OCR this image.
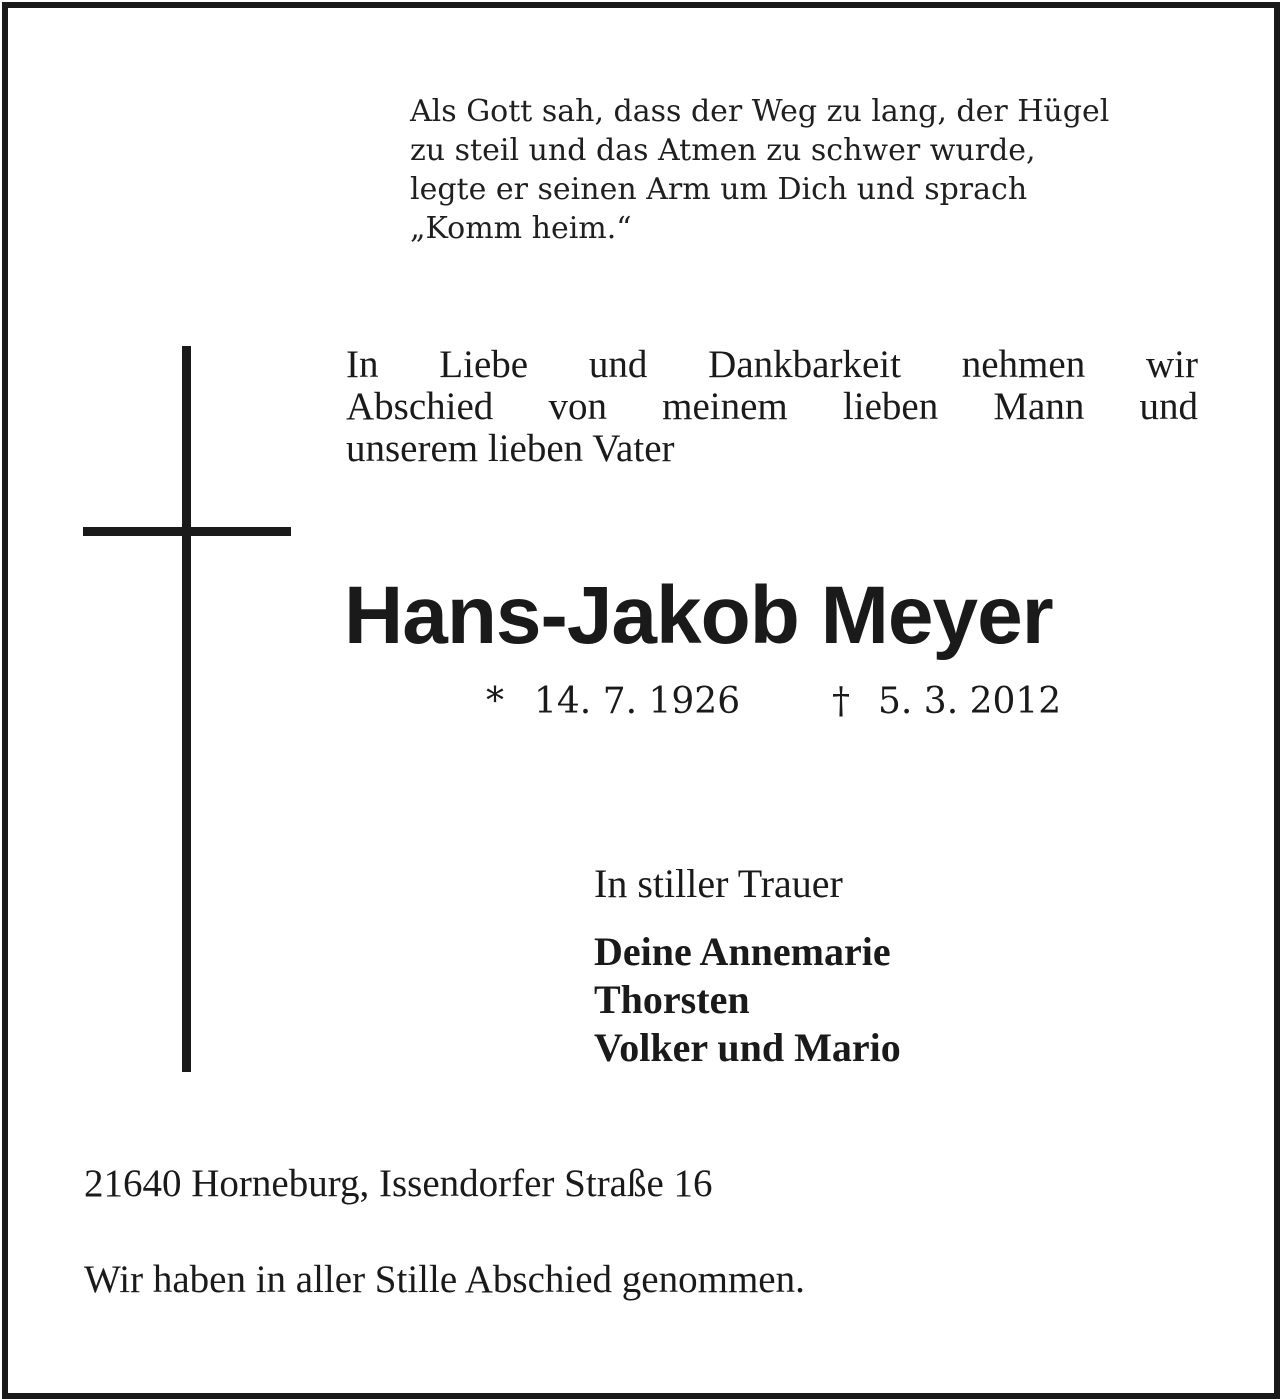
Als Gott sah, dass der Weg zu lang, der Hügel
zu steil und das Atmen zu schwer wurde,
legte er seinen Arm um Dich und sprach
„Komm heim.“
In Liebe und Dankbarkeit nehmen wir
Abschied von meinem lieben Mann und
unserem lieben Vater
Hans-Jakob Meyer
* 14. 7. 1926	† 5. 3. 2012
In stiller Trauer
Deine Annemarie
Thorsten
Volker und Mario
21640 Horneburg, Issendorfer Straße 16
Wir haben in aller Stille Abschied genommen.
